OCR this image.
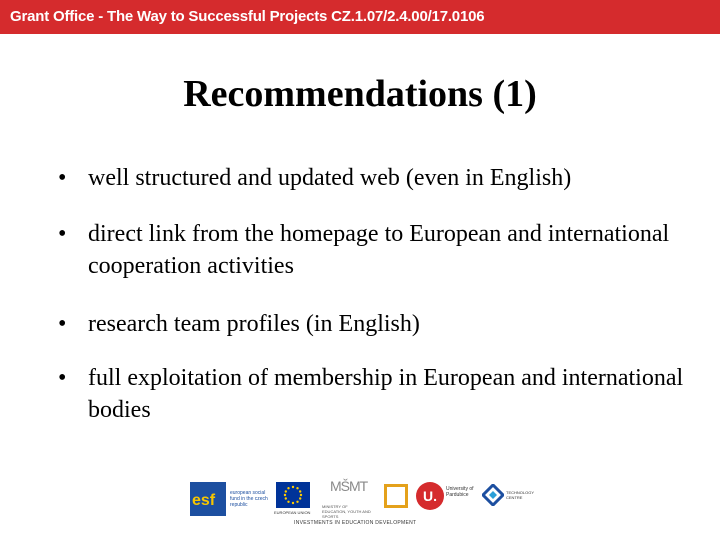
Grant Office - The Way to Successful Projects CZ.1.07/2.4.00/17.0106
Recommendations (1)
• well structured and updated web (even in English)
• direct link from the homepage to European and international cooperation activities
• research team profiles (in English)
• full exploitation of membership in European and international bodies
esf	european social fund in the czech republic
EUROPEAN UNION
MŠMT
MINISTRY OF EDUCATION, YOUTH AND SPORTS
U.	University of Pardubice	TECHNOLOGY CENTRE
INVESTMENTS IN EDUCATION DEVELOPMENT
